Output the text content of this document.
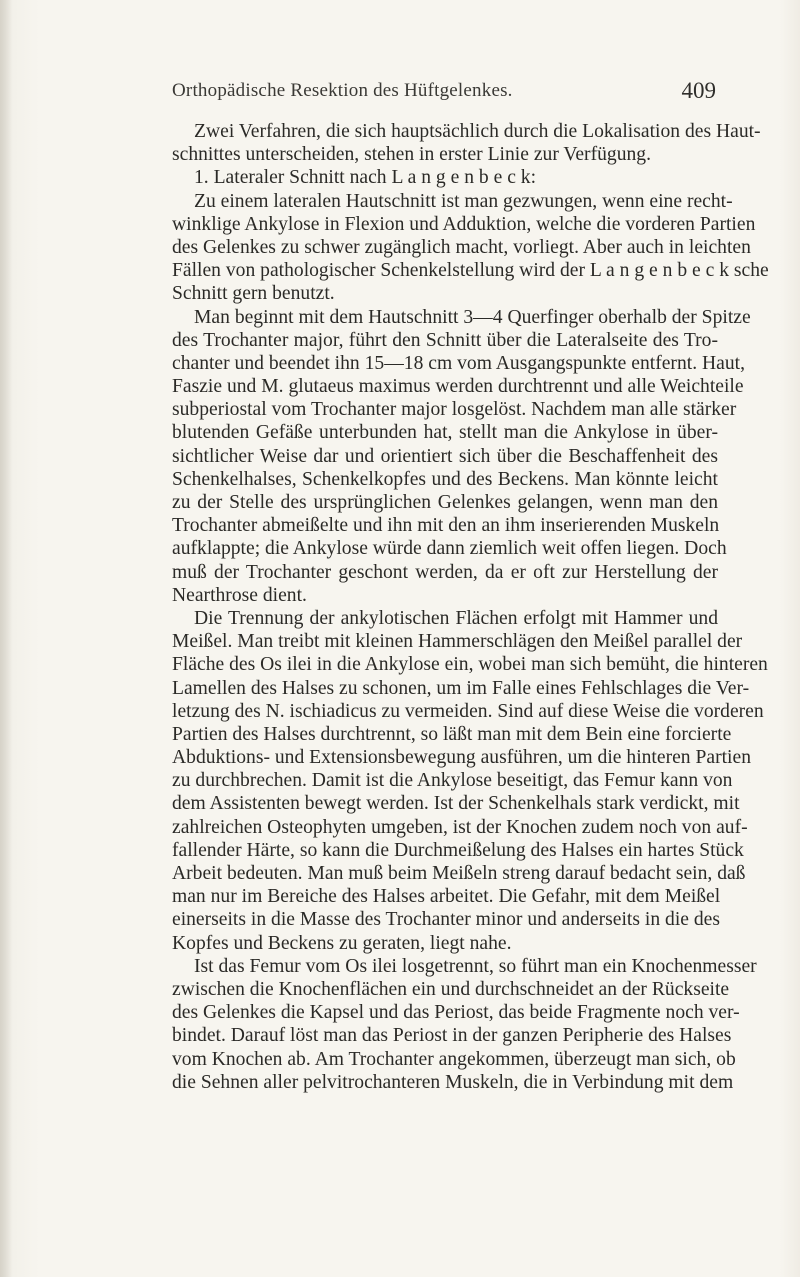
Orthopädische Resektion des Hüftgelenkes.	409
Zwei Verfahren, die sich hauptsächlich durch die Lokalisation des Haut-
schnittes unterscheiden, stehen in erster Linie zur Verfügung.
1. Lateraler Schnitt nach L a n g e n b e c k:
Zu einem lateralen Hautschnitt ist man gezwungen, wenn eine recht-
winklige Ankylose in Flexion und Adduktion, welche die vorderen Partien
des Gelenkes zu schwer zugänglich macht, vorliegt. Aber auch in leichten
Fällen von pathologischer Schenkelstellung wird der L a n g e n b e c k sche
Schnitt gern benutzt.
Man beginnt mit dem Hautschnitt 3—4 Querfinger oberhalb der Spitze
des Trochanter major, führt den Schnitt über die Lateralseite des Tro-
chanter und beendet ihn 15—18 cm vom Ausgangspunkte entfernt. Haut,
Faszie und M. glutaeus maximus werden durchtrennt und alle Weichteile
subperiostal vom Trochanter major losgelöst. Nachdem man alle stärker
blutenden Gefäße unterbunden hat, stellt man die Ankylose in über-
sichtlicher Weise dar und orientiert sich über die Beschaffenheit des
Schenkelhalses, Schenkelkopfes und des Beckens. Man könnte leicht
zu der Stelle des ursprünglichen Gelenkes gelangen, wenn man den
Trochanter abmeißelte und ihn mit den an ihm inserierenden Muskeln
aufklappte; die Ankylose würde dann ziemlich weit offen liegen. Doch
muß der Trochanter geschont werden, da er oft zur Herstellung der
Nearthrose dient.
Die Trennung der ankylotischen Flächen erfolgt mit Hammer und
Meißel. Man treibt mit kleinen Hammerschlägen den Meißel parallel der
Fläche des Os ilei in die Ankylose ein, wobei man sich bemüht, die hinteren
Lamellen des Halses zu schonen, um im Falle eines Fehlschlages die Ver-
letzung des N. ischiadicus zu vermeiden. Sind auf diese Weise die vorderen
Partien des Halses durchtrennt, so läßt man mit dem Bein eine forcierte
Abduktions- und Extensionsbewegung ausführen, um die hinteren Partien
zu durchbrechen. Damit ist die Ankylose beseitigt, das Femur kann von
dem Assistenten bewegt werden. Ist der Schenkelhals stark verdickt, mit
zahlreichen Osteophyten umgeben, ist der Knochen zudem noch von auf-
fallender Härte, so kann die Durchmeißelung des Halses ein hartes Stück
Arbeit bedeuten. Man muß beim Meißeln streng darauf bedacht sein, daß
man nur im Bereiche des Halses arbeitet. Die Gefahr, mit dem Meißel
einerseits in die Masse des Trochanter minor und anderseits in die des
Kopfes und Beckens zu geraten, liegt nahe.
Ist das Femur vom Os ilei losgetrennt, so führt man ein Knochenmesser
zwischen die Knochenflächen ein und durchschneidet an der Rückseite
des Gelenkes die Kapsel und das Periost, das beide Fragmente noch ver-
bindet. Darauf löst man das Periost in der ganzen Peripherie des Halses
vom Knochen ab. Am Trochanter angekommen, überzeugt man sich, ob
die Sehnen aller pelvitrochanteren Muskeln, die in Verbindung mit dem
